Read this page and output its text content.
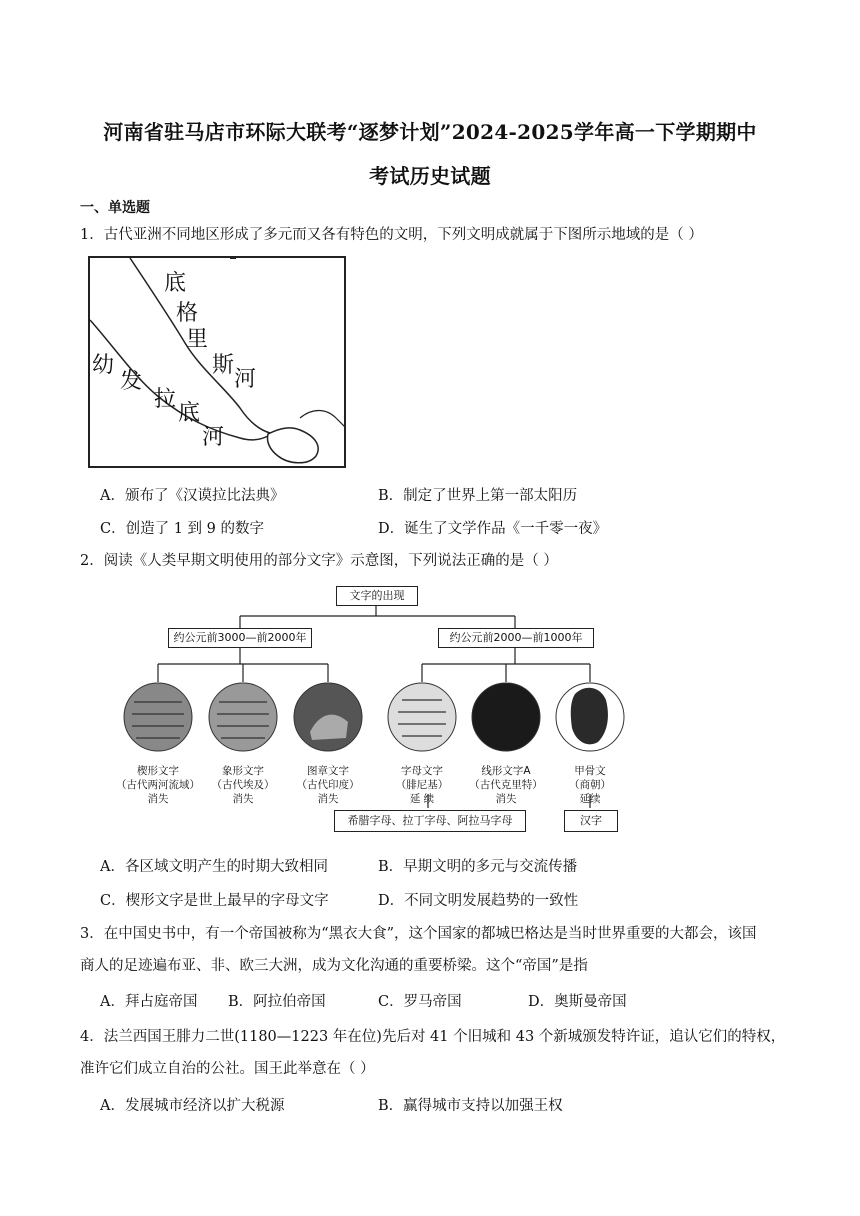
河南省驻马店市环际大联考“逐梦计划”2024-2025学年高一下学期期中
考试历史试题
一、单选题
1．古代亚洲不同地区形成了多元而又各有特色的文明，下列文明成就属于下图所示地域的是（ ）
底
格
里
斯
河
幼
发
拉
底
河
A．颁布了《汉谟拉比法典》	B．制定了世界上第一部太阳历
C．创造了 1 到 9 的数字	D．诞生了文学作品《一千零一夜》
2．阅读《人类早期文明使用的部分文字》示意图，下列说法正确的是（ ）
文字的出现
约公元前3000—前2000年	约公元前2000—前1000年
楔形文字
（古代两河流域）
消失
象形文字
（古代埃及）
消失
图章文字
（古代印度）
消失
字母文字
（腓尼基）
延 续
线形文字A
（古代克里特）
消失
甲骨文
（商朝）
延续
希腊字母、拉丁字母、阿拉马字母	汉字
A．各区域文明产生的时期大致相同	B．早期文明的多元与交流传播
C．楔形文字是世上最早的字母文字	D．不同文明发展趋势的一致性
3．在中国史书中，有一个帝国被称为“黑衣大食”，这个国家的都城巴格达是当时世界重要的大都会，该国
商人的足迹遍布亚、非、欧三大洲，成为文化沟通的重要桥梁。这个“帝国”是指
A．拜占庭帝国 B．阿拉伯帝国	C．罗马帝国	D．奥斯曼帝国
4．法兰西国王腓力二世(1180—1223 年在位)先后对 41 个旧城和 43 个新城颁发特许证，追认它们的特权，
准许它们成立自治的公社。国王此举意在（ ）
A．发展城市经济以扩大税源	B．赢得城市支持以加强王权
